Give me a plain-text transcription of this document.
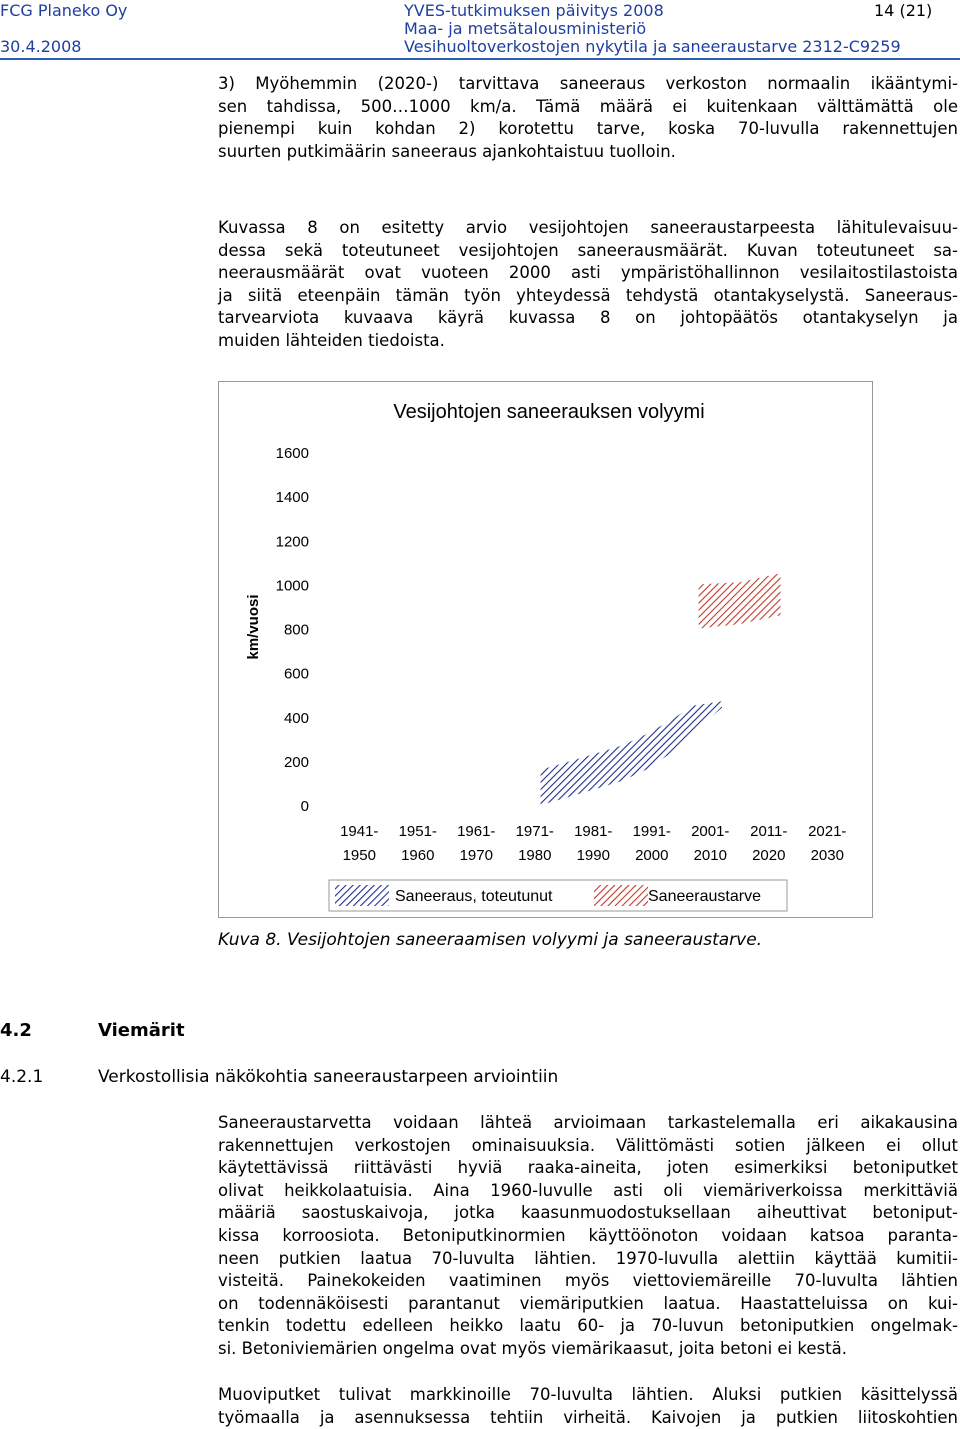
FCG Planeko Oy
30.4.2008
YVES-tutkimuksen päivitys 2008
Maa- ja metsätalousministeriö
Vesihuoltoverkostojen nykytila ja saneeraustarve 2312-C9259
14 (21)
3) Myöhemmin (2020-) tarvittava saneeraus verkoston normaalin ikääntymi-
sen tahdissa, 500…1000 km/a. Tämä määrä ei kuitenkaan välttämättä ole
pienempi kuin kohdan 2) korotettu tarve, koska 70-luvulla rakennettujen
suurten putkimäärin saneeraus ajankohtaistuu tuolloin.
Kuvassa 8 on esitetty arvio vesijohtojen saneeraustarpeesta lähitulevaisuu-
dessa sekä toteutuneet vesijohtojen saneerausmäärät. Kuvan toteutuneet sa-
neerausmäärät ovat vuoteen 2000 asti ympäristöhallinnon vesilaitostilastoista
ja siitä eteenpäin tämän työn yhteydessä tehdystä otantakyselystä. Saneeraus-
tarvearviota kuvaava käyrä kuvassa 8 on johtopäätös otantakyselyn ja
muiden lähteiden tiedoista.
Vesijohtojen saneerauksen volyymi
0
200
400
600
800
1000
1200
1400
1600
km/vuosi
1941-
1950
1951-
1960
1961-
1970
1971-
1980
1981-
1990
1991-
2000
2001-
2010
2011-
2020
2021-
2030
Saneeraus, toteutunut	Saneeraustarve
Kuva 8. Vesijohtojen saneeraamisen volyymi ja saneeraustarve.
4.2	Viemärit
4.2.1	Verkostollisia näkökohtia saneeraustarpeen arviointiin
Saneeraustarvetta voidaan lähteä arvioimaan tarkastelemalla eri aikakausina
rakennettujen verkostojen ominaisuuksia. Välittömästi sotien jälkeen ei ollut
käytettävissä riittävästi hyviä raaka-aineita, joten esimerkiksi betoniputket
olivat heikkolaatuisia. Aina 1960-luvulle asti oli viemäriverkoissa merkittäviä
määriä saostuskaivoja, jotka kaasunmuodostuksellaan aiheuttivat betoniput-
kissa korroosiota. Betoniputkinormien käyttöönoton voidaan katsoa paranta-
neen putkien laatua 70-luvulta lähtien. 1970-luvulla alettiin käyttää kumitii-
visteitä. Painekokeiden vaatiminen myös viettoviemäreille 70-luvulta lähtien
on todennäköisesti parantanut viemäriputkien laatua. Haastatteluissa on kui-
tenkin todettu edelleen heikko laatu 60- ja 70-luvun betoniputkien ongelmak-
si. Betoniviemärien ongelma ovat myös viemärikaasut, joita betoni ei kestä.
Muoviputket tulivat markkinoille 70-luvulta lähtien. Aluksi putkien käsittelyssä
työmaalla ja asennuksessa tehtiin virheitä. Kaivojen ja putkien liitoskohtien
